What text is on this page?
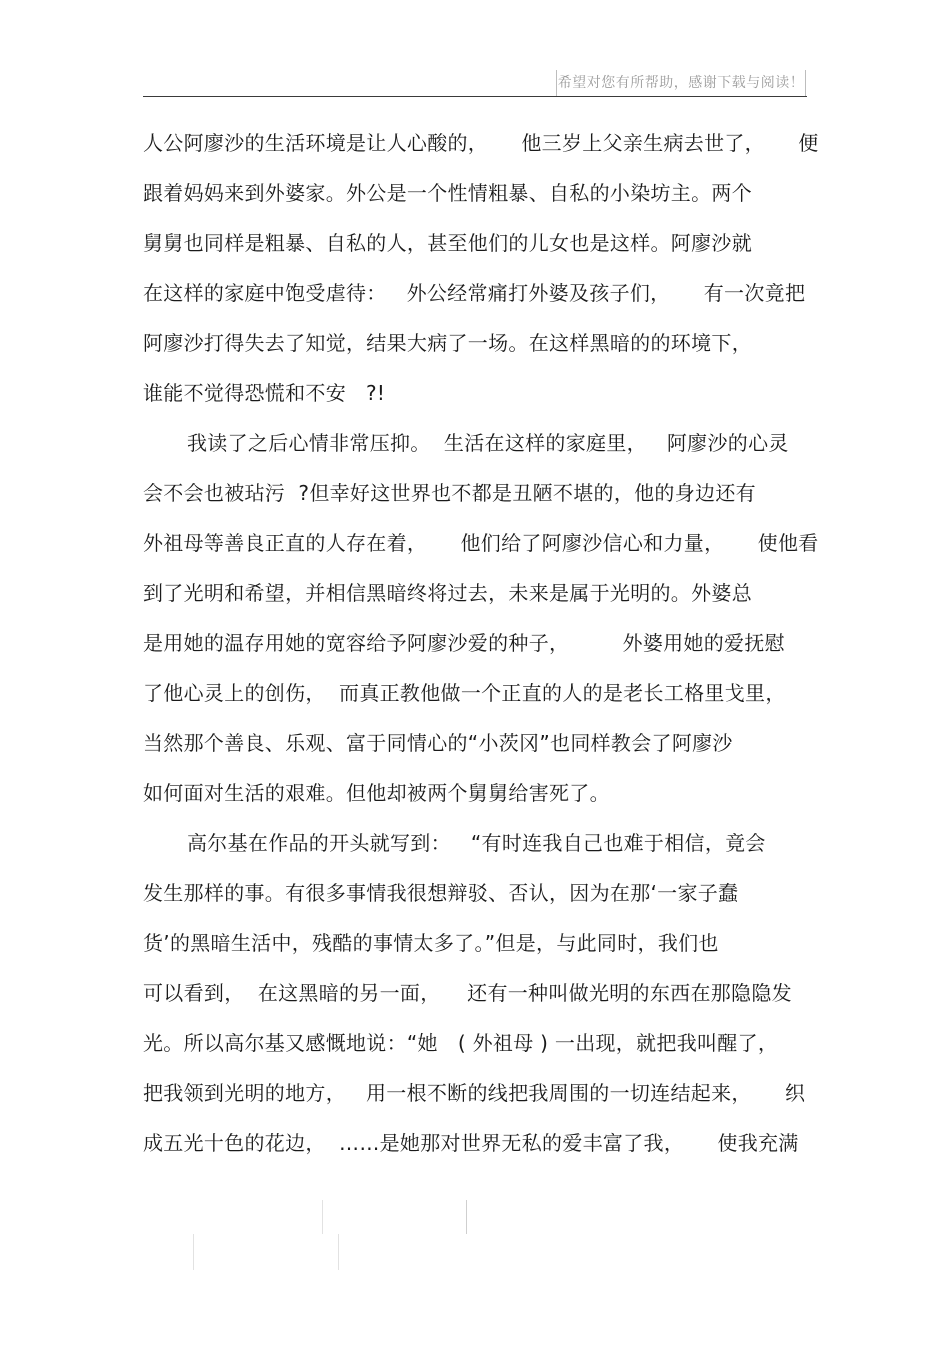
希望对您有所帮助，感谢下载与阅读！
人公阿廖沙的生活环境是让人心酸的，     他三岁上父亲生病去世了，     便
跟着妈妈来到外婆家。外公是一个性情粗暴、自私的小染坊主。两个
舅舅也同样是粗暴、自私的人，甚至他们的儿女也是这样。阿廖沙就
在这样的家庭中饱受虐待：   外公经常痛打外婆及孩子们，     有一次竟把
阿廖沙打得失去了知觉，结果大病了一场。在这样黑暗的的环境下，
谁能不觉得恐慌和不安   ?!
我读了之后心情非常压抑。  生活在这样的家庭里，   阿廖沙的心灵
会不会也被玷污  ?但幸好这世界也不都是丑陋不堪的，他的身边还有
外祖母等善良正直的人存在着，     他们给了阿廖沙信心和力量，     使他看
到了光明和希望，并相信黑暗终将过去，未来是属于光明的。外婆总
是用她的温存用她的宽容给予阿廖沙爱的种子，        外婆用她的爱抚慰
了他心灵上的创伤，  而真正教他做一个正直的人的是老长工格里戈里，
当然那个善良、乐观、富于同情心的“小茨冈”也同样教会了阿廖沙
如何面对生活的艰难。但他却被两个舅舅给害死了。
高尔基在作品的开头就写到：   “有时连我自己也难于相信，竟会
发生那样的事。有很多事情我很想辩驳、否认，因为在那‘一家子蠢
货’的黑暗生活中，残酷的事情太多了。”但是，与此同时，我们也
可以看到，  在这黑暗的另一面，    还有一种叫做光明的东西在那隐隐发
光。所以高尔基又感慨地说：“她   ( 外祖母 ) 一出现，就把我叫醒了，
把我领到光明的地方，   用一根不断的线把我周围的一切连结起来，     织
成五光十色的花边，  ……是她那对世界无私的爱丰富了我，     使我充满
